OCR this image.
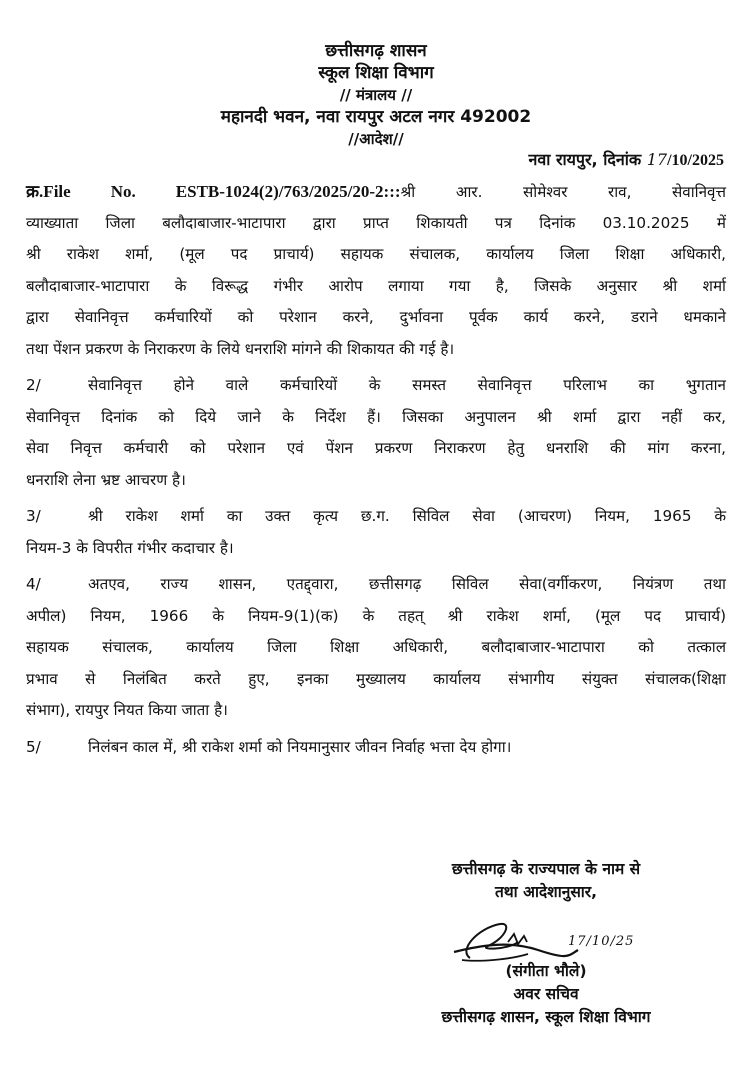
छत्तीसगढ़ शासन
स्कूल शिक्षा विभाग
// मंत्रालय //
महानदी भवन, नवा रायपुर अटल नगर 492002
//आदेश//
नवा रायपुर, दिनांक 17/10/2025
क्र.File No. ESTB-1024(2)/763/2025/20-2:::श्री आर. सोमेश्वर राव, सेवानिवृत्त
व्याख्याता जिला बलौदाबाजार-भाटापारा द्वारा प्राप्त शिकायती पत्र दिनांक 03.10.2025 में
श्री राकेश शर्मा, (मूल पद प्राचार्य) सहायक संचालक, कार्यालय जिला शिक्षा अधिकारी,
बलौदाबाजार-भाटापारा के विरूद्ध गंभीर आरोप लगाया गया है, जिसके अनुसार श्री शर्मा
द्वारा सेवानिवृत्त कर्मचारियों को परेशान करने, दुर्भावना पूर्वक कार्य करने, डराने धमकाने
तथा पेंशन प्रकरण के निराकरण के लिये धनराशि मांगने की शिकायत की गई है।
2/	सेवानिवृत्त होने वाले कर्मचारियों के समस्त सेवानिवृत्त परिलाभ का भुगतान
सेवानिवृत्त दिनांक को दिये जाने के निर्देश हैं। जिसका अनुपालन श्री शर्मा द्वारा नहीं कर,
सेवा निवृत्त कर्मचारी को परेशान एवं पेंशन प्रकरण निराकरण हेतु धनराशि की मांग करना,
धनराशि लेना भ्रष्ट आचरण है।
3/	श्री राकेश शर्मा का उक्त कृत्य छ.ग. सिविल सेवा (आचरण) नियम, 1965 के
नियम-3 के विपरीत गंभीर कदाचार है।
4/	अतएव, राज्य शासन, एतद्द्वारा, छत्तीसगढ़ सिविल सेवा(वर्गीकरण, नियंत्रण तथा
अपील) नियम, 1966 के नियम-9(1)(क) के तहत् श्री राकेश शर्मा, (मूल पद प्राचार्य)
सहायक संचालक, कार्यालय जिला शिक्षा अधिकारी, बलौदाबाजार-भाटापारा को तत्काल
प्रभाव से निलंबित करते हुए, इनका मुख्यालय कार्यालय संभागीय संयुक्त संचालक(शिक्षा
संभाग), रायपुर नियत किया जाता है।
5/	निलंबन काल में, श्री राकेश शर्मा को नियमानुसार जीवन निर्वाह भत्ता देय होगा।
छत्तीसगढ़ के राज्यपाल के नाम से
तथा आदेशानुसार,
17/10/25
(संगीता भौले)
अवर सचिव
छत्तीसगढ़ शासन, स्कूल शिक्षा विभाग
